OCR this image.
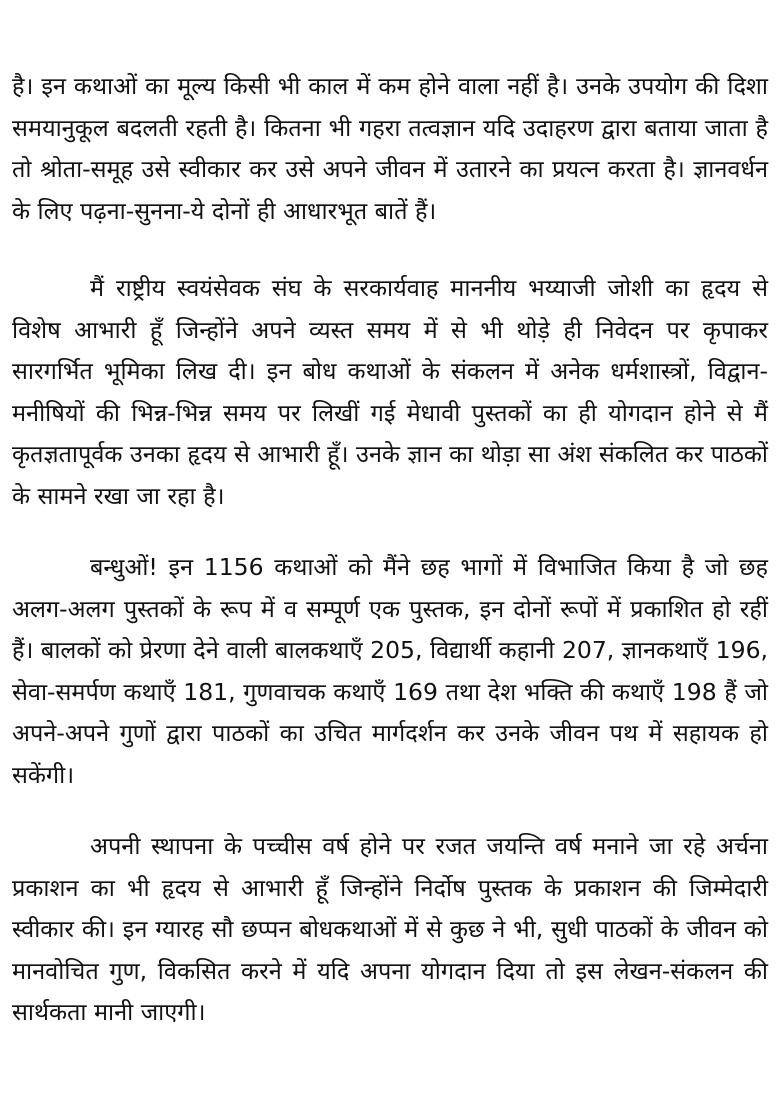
है। इन कथाओं का मूल्य किसी भी काल में कम होने वाला नहीं है। उनके उपयोग की दिशा समयानुकूल बदलती रहती है। कितना भी गहरा तत्वज्ञान यदि उदाहरण द्वारा बताया जाता है तो श्रोता-समूह उसे स्वीकार कर उसे अपने जीवन में उतारने का प्रयत्न करता है। ज्ञानवर्धन के लिए पढ़ना-सुनना-ये दोनों ही आधारभूत बातें हैं।

मैं राष्ट्रीय स्वयंसेवक संघ के सरकार्यवाह माननीय भय्याजी जोशी का हृदय से विशेष आभारी हूँ जिन्होंने अपने व्यस्त समय में से भी थोड़े ही निवेदन पर कृपाकर सारगर्भित भूमिका लिख दी। इन बोध कथाओं के संकलन में अनेक धर्मशास्त्रों, विद्वान-मनीषियों की भिन्न-भिन्न समय पर लिखीं गई मेधावी पुस्तकों का ही योगदान होने से मैं कृतज्ञतापूर्वक उनका हृदय से आभारी हूँ। उनके ज्ञान का थोड़ा सा अंश संकलित कर पाठकों के सामने रखा जा रहा है।

बन्धुओं! इन 1156 कथाओं को मैंने छह भागों में विभाजित किया है जो छह अलग-अलग पुस्तकों के रूप में व सम्पूर्ण एक पुस्तक, इन दोनों रूपों में प्रकाशित हो रहीं हैं। बालकों को प्रेरणा देने वाली बालकथाएँ 205, विद्यार्थी कहानी 207, ज्ञानकथाएँ 196, सेवा-समर्पण कथाएँ 181, गुणवाचक कथाएँ 169 तथा देश भक्ति की कथाएँ 198 हैं जो अपने-अपने गुणों द्वारा पाठकों का उचित मार्गदर्शन कर उनके जीवन पथ में सहायक हो सकेंगी।

अपनी स्थापना के पच्चीस वर्ष होने पर रजत जयन्ति वर्ष मनाने जा रहे अर्चना प्रकाशन का भी हृदय से आभारी हूँ जिन्होंने निर्दोष पुस्तक के प्रकाशन की जिम्मेदारी स्वीकार की। इन ग्यारह सौ छप्पन बोधकथाओं में से कुछ ने भी, सुधी पाठकों के जीवन को मानवोचित गुण, विकसित करने में यदि अपना योगदान दिया तो इस लेखन-संकलन की सार्थकता मानी जाएगी।
